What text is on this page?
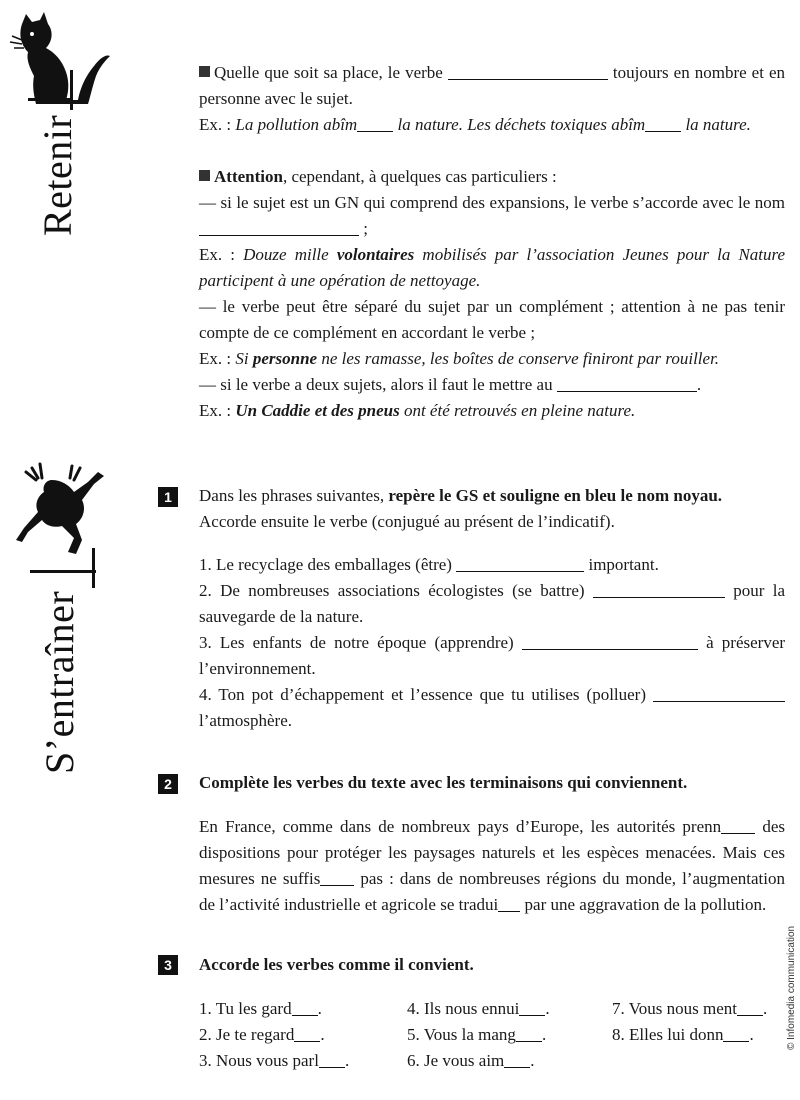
Retenir
S’entraîner
© Infomedia communication
Quelle que soit sa place, le verbe	toujours en nombre et en personne avec le sujet.
Ex. : La pollution abîm la nature. Les déchets toxiques abîm la nature.
Attention, cependant, à quelques cas particuliers :
— si le sujet est un GN qui comprend des expansions, le verbe s’accorde avec le nom  ;
Ex. : Douze mille volontaires mobilisés par l’association Jeunes pour la Nature participent à une opération de nettoyage.
— le verbe peut être séparé du sujet par un complément ; attention à ne pas tenir compte de ce complément en accordant le verbe ;
Ex. : Si personne ne les ramasse, les boîtes de conserve finiront par rouiller.
— si le verbe a deux sujets, alors il faut le mettre au	.
Ex. : Un Caddie et des pneus ont été retrouvés en pleine nature.
1	Dans les phrases suivantes, repère le GS et souligne en bleu le nom noyau.
Accorde ensuite le verbe (conjugué au présent de l’indicatif).
1. Le recyclage des emballages (être)	important.
2. De nombreuses associations écologistes (se battre)	pour la sauvegarde de la nature.
3. Les enfants de notre époque (apprendre)	à préserver l’environnement.
4. Ton pot d’échappement et l’essence que tu utilises (polluer)  l’atmosphère.
2	Complète les verbes du texte avec les terminaisons qui conviennent.
En France, comme dans de nombreux pays d’Europe, les autorités prenn des dispositions pour protéger les paysages naturels et les espèces menacées. Mais ces mesures ne suffis pas : dans de nombreuses régions du monde, l’augmentation de l’activité industrielle et agricole se tradui par une aggravation de la pollution.
3	Accorde les verbes comme il convient.
1. Tu les gard .	4. Ils nous ennui .	7. Vous nous ment .
2. Je te regard .	5. Vous la mang .	8. Elles lui donn .
3. Nous vous parl .	6. Je vous aim .
